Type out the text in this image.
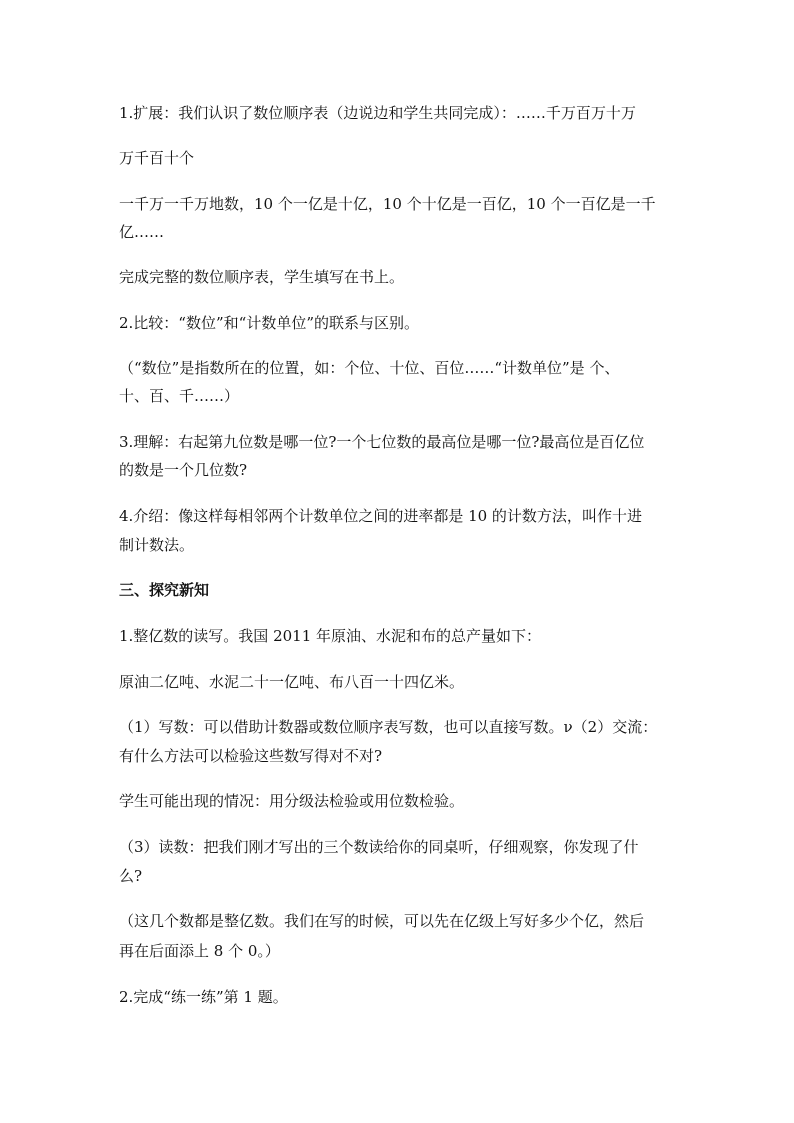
1.扩展：我们认识了数位顺序表（边说边和学生共同完成）：……千万百万十万
万千百十个
一千万一千万地数，10 个一亿是十亿，10 个十亿是一百亿，10 个一百亿是一千
亿……
完成完整的数位顺序表，学生填写在书上。
2.比较：“数位”和“计数单位”的联系与区别。
（“数位”是指数所在的位置，如：个位、十位、百位……“计数单位”是 个、
十、百、千……）
3.理解：右起第九位数是哪一位?一个七位数的最高位是哪一位?最高位是百亿位
的数是一个几位数?
4.介绍：像这样每相邻两个计数单位之间的进率都是 10 的计数方法，叫作十进
制计数法。
三、探究新知
1.整亿数的读写。我国 2011 年原油、水泥和布的总产量如下：
原油二亿吨、水泥二十一亿吨、布八百一十四亿米。
（1）写数：可以借助计数器或数位顺序表写数，也可以直接写数。ν（2）交流：
有什么方法可以检验这些数写得对不对?
学生可能出现的情况：用分级法检验或用位数检验。
（3）读数：把我们刚才写出的三个数读给你的同桌听，仔细观察，你发现了什
么?
（这几个数都是整亿数。我们在写的时候，可以先在亿级上写好多少个亿，然后
再在后面添上 8 个 0。）
2.完成“练一练”第 1 题。
